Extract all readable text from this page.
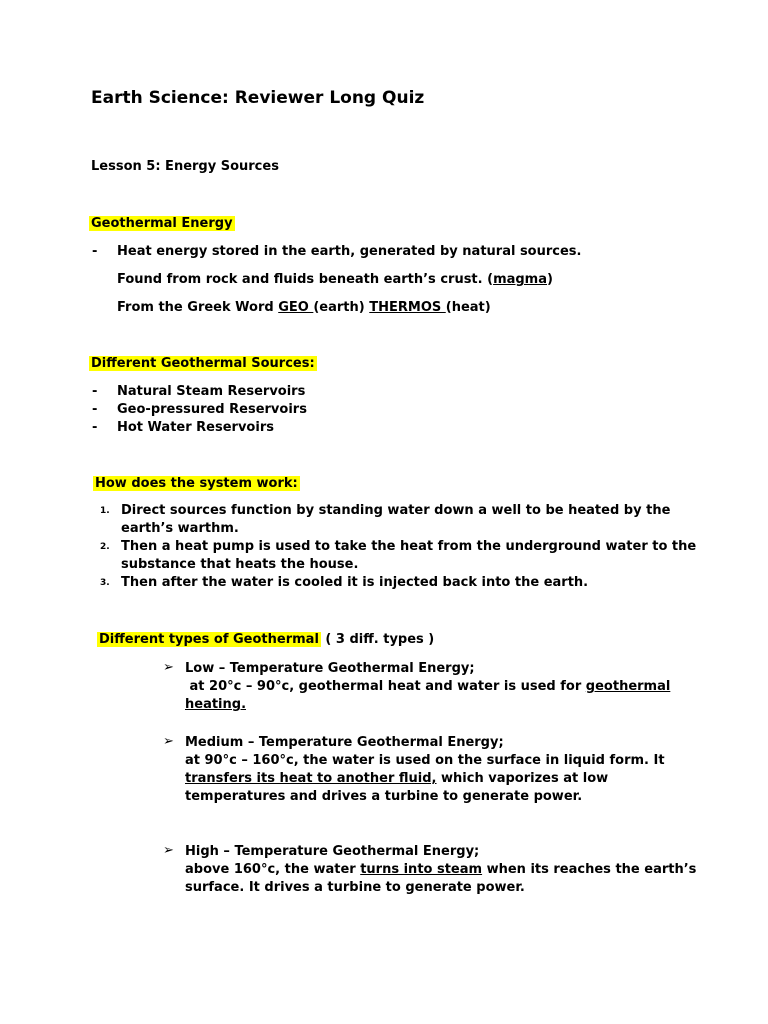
Earth Science: Reviewer Long Quiz
Lesson 5: Energy Sources
Geothermal Energy
- Heat energy stored in the earth, generated by natural sources.
Found from rock and fluids beneath earth’s crust. (magma)
From the Greek Word GEO (earth) THERMOS (heat)
Different Geothermal Sources:
- Natural Steam Reservoirs
- Geo-pressured Reservoirs
- Hot Water Reservoirs
How does the system work:
1. Direct sources function by standing water down a well to be heated by the
earth’s warthm.
2. Then a heat pump is used to take the heat from the underground water to the
substance that heats the house.
3. Then after the water is cooled it is injected back into the earth.
Different types of Geothermal ( 3 diff. types )
➢ Low – Temperature Geothermal Energy;
at 20°c – 90°c, geothermal heat and water is used for geothermal
heating.
➢ Medium – Temperature Geothermal Energy;
at 90°c – 160°c, the water is used on the surface in liquid form. It
transfers its heat to another fluid, which vaporizes at low
temperatures and drives a turbine to generate power.
➢ High – Temperature Geothermal Energy;
above 160°c, the water turns into steam when its reaches the earth’s
surface. It drives a turbine to generate power.
